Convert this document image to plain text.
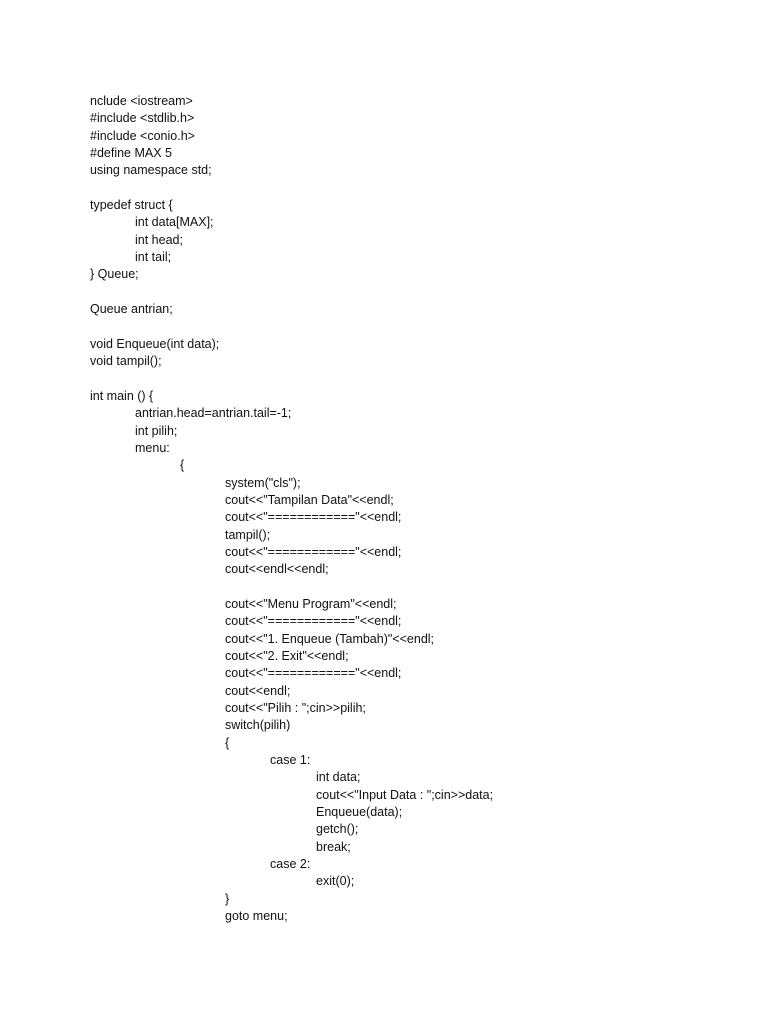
nclude <iostream>
#include <stdlib.h>
#include <conio.h>
#define MAX 5
using namespace std;
typedef struct {
int data[MAX];
int head;
int tail;
} Queue;
Queue antrian;
void Enqueue(int data);
void tampil();
int main () {
antrian.head=antrian.tail=-1;
int pilih;
menu:
{
system("cls");
cout<<"Tampilan Data"<<endl;
cout<<"============"<<endl;
tampil();
cout<<"============"<<endl;
cout<<endl<<endl;
cout<<"Menu Program"<<endl;
cout<<"============"<<endl;
cout<<"1. Enqueue (Tambah)"<<endl;
cout<<"2. Exit"<<endl;
cout<<"============"<<endl;
cout<<endl;
cout<<"Pilih : ";cin>>pilih;
switch(pilih)
{
case 1:
int data;
cout<<"Input Data : ";cin>>data;
Enqueue(data);
getch();
break;
case 2:
exit(0);
}
goto menu;
